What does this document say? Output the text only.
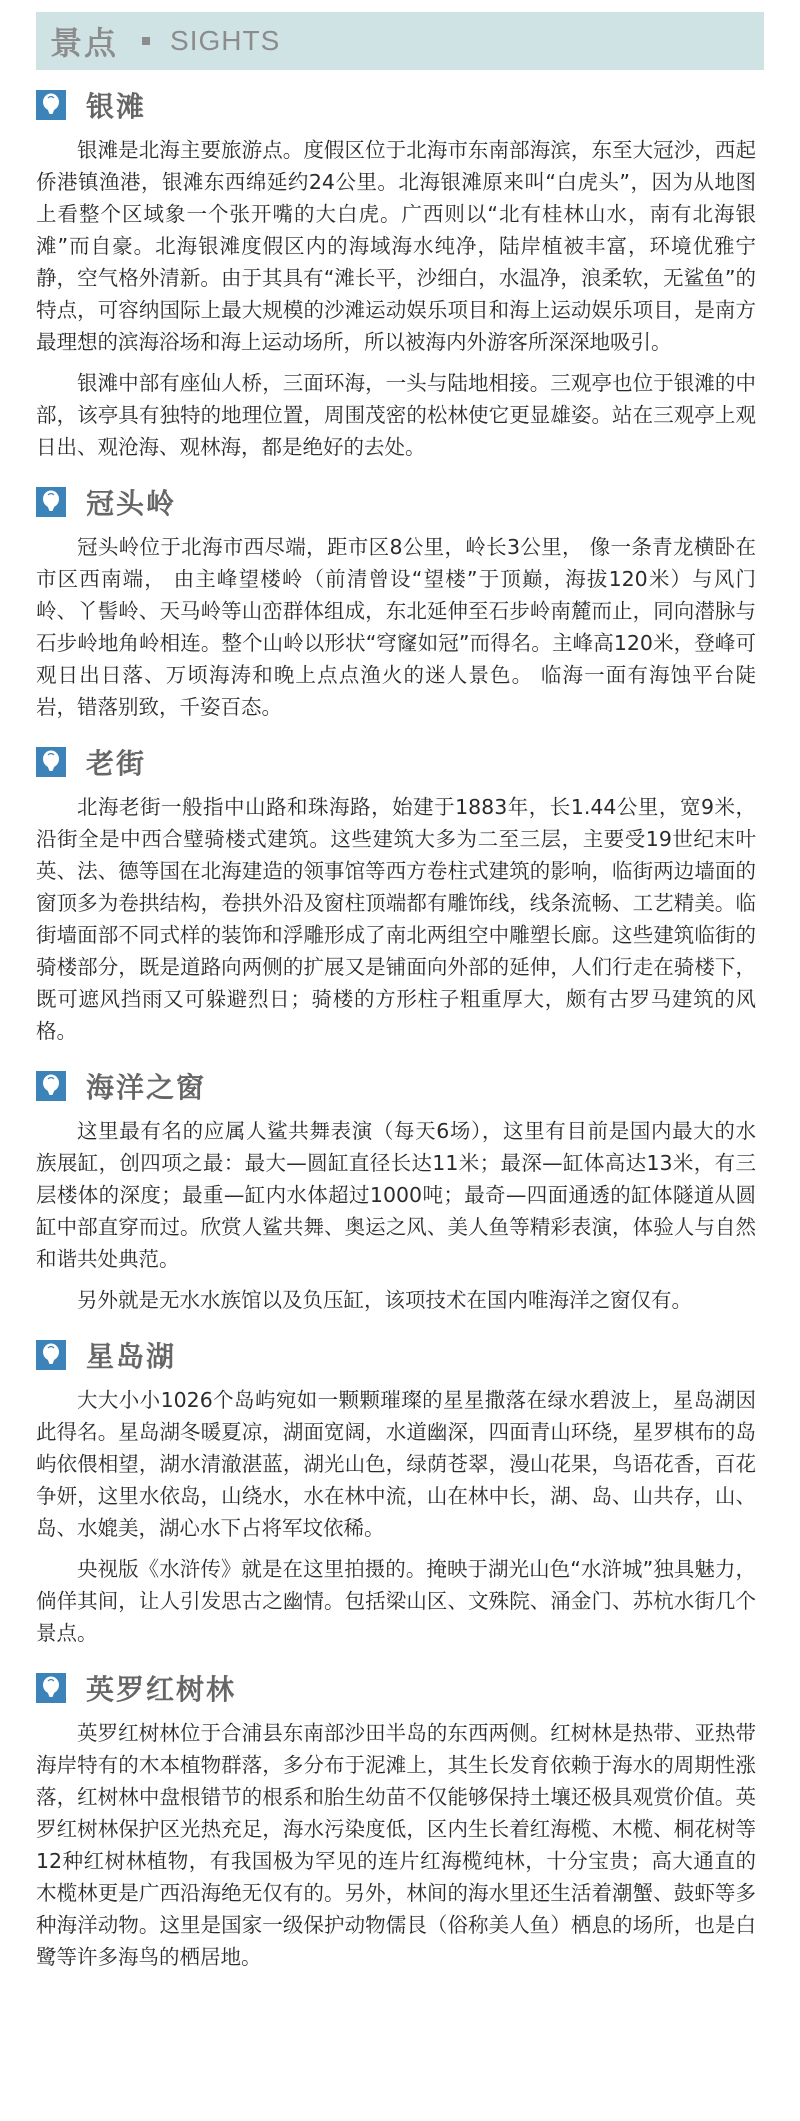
景点 SIGHTS
银滩

银滩是北海主要旅游点。度假区位于北海市东南部海滨，东至大冠沙，西起侨港镇渔港，银滩东西绵延约24公里。北海银滩原来叫“白虎头”，因为从地图上看整个区域象一个张开嘴的大白虎。广西则以“北有桂林山水，南有北海银滩”而自豪。北海银滩度假区内的海域海水纯净，陆岸植被丰富，环境优雅宁静，空气格外清新。由于其具有“滩长平，沙细白，水温净，浪柔软，无鲨鱼”的特点，可容纳国际上最大规模的沙滩运动娱乐项目和海上运动娱乐项目，是南方最理想的滨海浴场和海上运动场所，所以被海内外游客所深深地吸引。

银滩中部有座仙人桥，三面环海，一头与陆地相接。三观亭也位于银滩的中部，该亭具有独特的地理位置，周围茂密的松林使它更显雄姿。站在三观亭上观日出、观沧海、观林海，都是绝好的去处。

冠头岭

冠头岭位于北海市西尽端，距市区8公里，岭长3公里， 像一条青龙横卧在市区西南端， 由主峰望楼岭（前清曾设“望楼”于顶巅，海拔120米）与风门岭、丫髻岭、天马岭等山峦群体组成，东北延伸至石步岭南麓而止，同向潜脉与石步岭地角岭相连。整个山岭以形状“穹窿如冠”而得名。主峰高120米，登峰可观日出日落、万顷海涛和晚上点点渔火的迷人景色。 临海一面有海蚀平台陡岩，错落别致，千姿百态。

老街

北海老街一般指中山路和珠海路，始建于1883年，长1.44公里，宽9米，沿街全是中西合璧骑楼式建筑。这些建筑大多为二至三层，主要受19世纪末叶英、法、德等国在北海建造的领事馆等西方卷柱式建筑的影响，临街两边墙面的窗顶多为卷拱结构，卷拱外沿及窗柱顶端都有雕饰线，线条流畅、工艺精美。临街墙面部不同式样的装饰和浮雕形成了南北两组空中雕塑长廊。这些建筑临街的骑楼部分，既是道路向两侧的扩展又是铺面向外部的延伸，人们行走在骑楼下，既可遮风挡雨又可躲避烈日；骑楼的方形柱子粗重厚大，颇有古罗马建筑的风格。

海洋之窗

这里最有名的应属人鲨共舞表演（每天6场），这里有目前是国内最大的水族展缸，创四项之最：最大—圆缸直径长达11米；最深—缸体高达13米，有三层楼体的深度；最重—缸内水体超过1000吨；最奇—四面通透的缸体隧道从圆缸中部直穿而过。欣赏人鲨共舞、奥运之风、美人鱼等精彩表演，体验人与自然和谐共处典范。

另外就是无水水族馆以及负压缸，该项技术在国内唯海洋之窗仅有。

星岛湖

大大小小1026个岛屿宛如一颗颗璀璨的星星撒落在绿水碧波上，星岛湖因此得名。星岛湖冬暖夏凉，湖面宽阔，水道幽深，四面青山环绕，星罗棋布的岛屿依偎相望，湖水清澈湛蓝，湖光山色，绿荫苍翠，漫山花果，鸟语花香，百花争妍，这里水依岛，山绕水，水在林中流，山在林中长，湖、岛、山共存，山、岛、水媲美，湖心水下占将军坟依稀。

央视版《水浒传》就是在这里拍摄的。掩映于湖光山色“水浒城”独具魅力，倘佯其间，让人引发思古之幽情。包括梁山区、文殊院、涌金门、苏杭水街几个景点。

英罗红树林

英罗红树林位于合浦县东南部沙田半岛的东西两侧。红树林是热带、亚热带海岸特有的木本植物群落，多分布于泥滩上，其生长发育依赖于海水的周期性涨落，红树林中盘根错节的根系和胎生幼苗不仅能够保持土壤还极具观赏价值。英罗红树林保护区光热充足，海水污染度低，区内生长着红海榄、木榄、桐花树等12种红树林植物，有我国极为罕见的连片红海榄纯林，十分宝贵；高大通直的木榄林更是广西沿海绝无仅有的。另外，林间的海水里还生活着潮蟹、鼓虾等多种海洋动物。这里是国家一级保护动物儒艮（俗称美人鱼）栖息的场所，也是白鹭等许多海鸟的栖居地。
